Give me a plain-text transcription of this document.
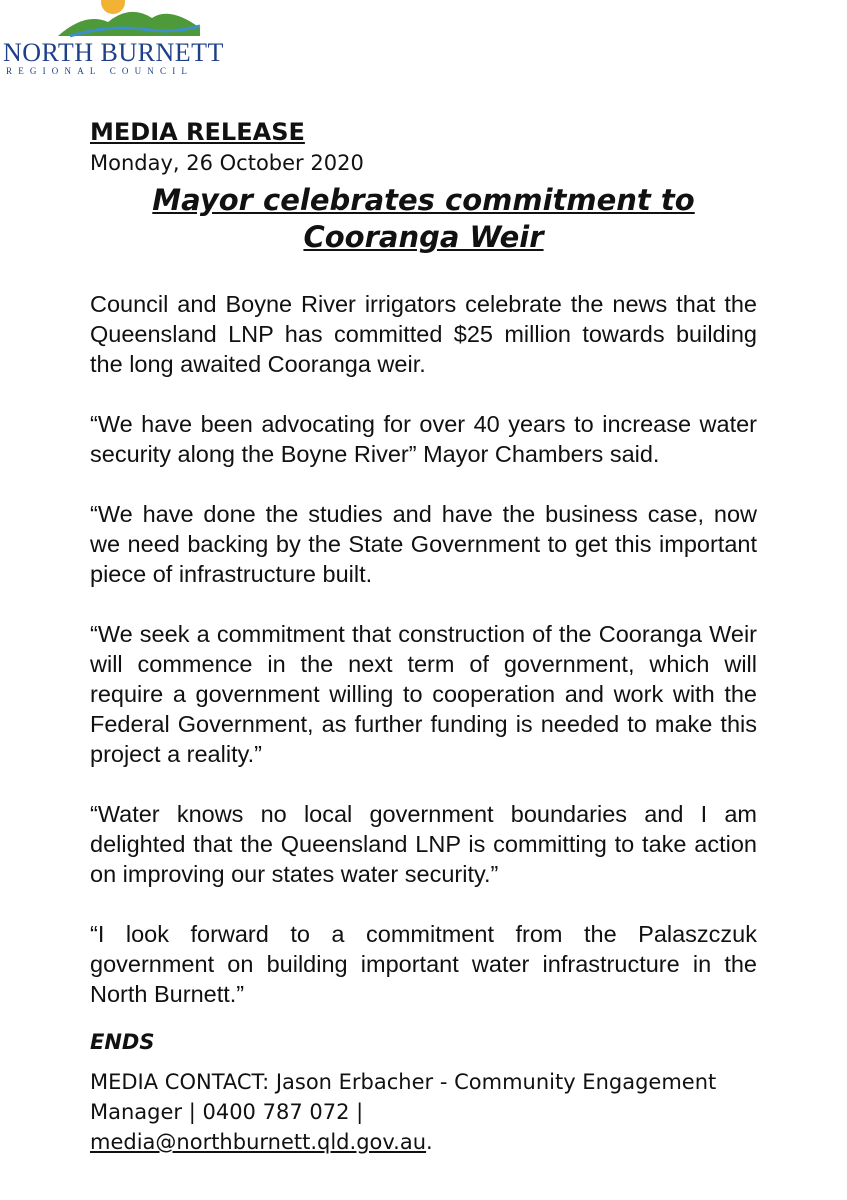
NORTH BURNETT
REGIONAL COUNCIL

MEDIA RELEASE

Monday, 26 October 2020

Mayor celebrates commitment to
Cooranga Weir

Council and Boyne River irrigators celebrate the news that the Queensland LNP has committed $25 million towards building the long awaited Cooranga weir.

“We have been advocating for over 40 years to increase water security along the Boyne River” Mayor Chambers said.

“We have done the studies and have the business case, now we need backing by the State Government to get this important piece of infrastructure built.

“We seek a commitment that construction of the Cooranga Weir will commence in the next term of government, which will require a government willing to cooperation and work with the Federal Government, as further funding is needed to make this project a reality.”

“Water knows no local government boundaries and I am delighted that the Queensland LNP is committing to take action on improving our states water security.”

“I look forward to a commitment from the Palaszczuk government on building important water infrastructure in the North Burnett.”

ENDS

MEDIA CONTACT: Jason Erbacher - Community Engagement Manager | 0400 787 072 |
media@northburnett.qld.gov.au.
